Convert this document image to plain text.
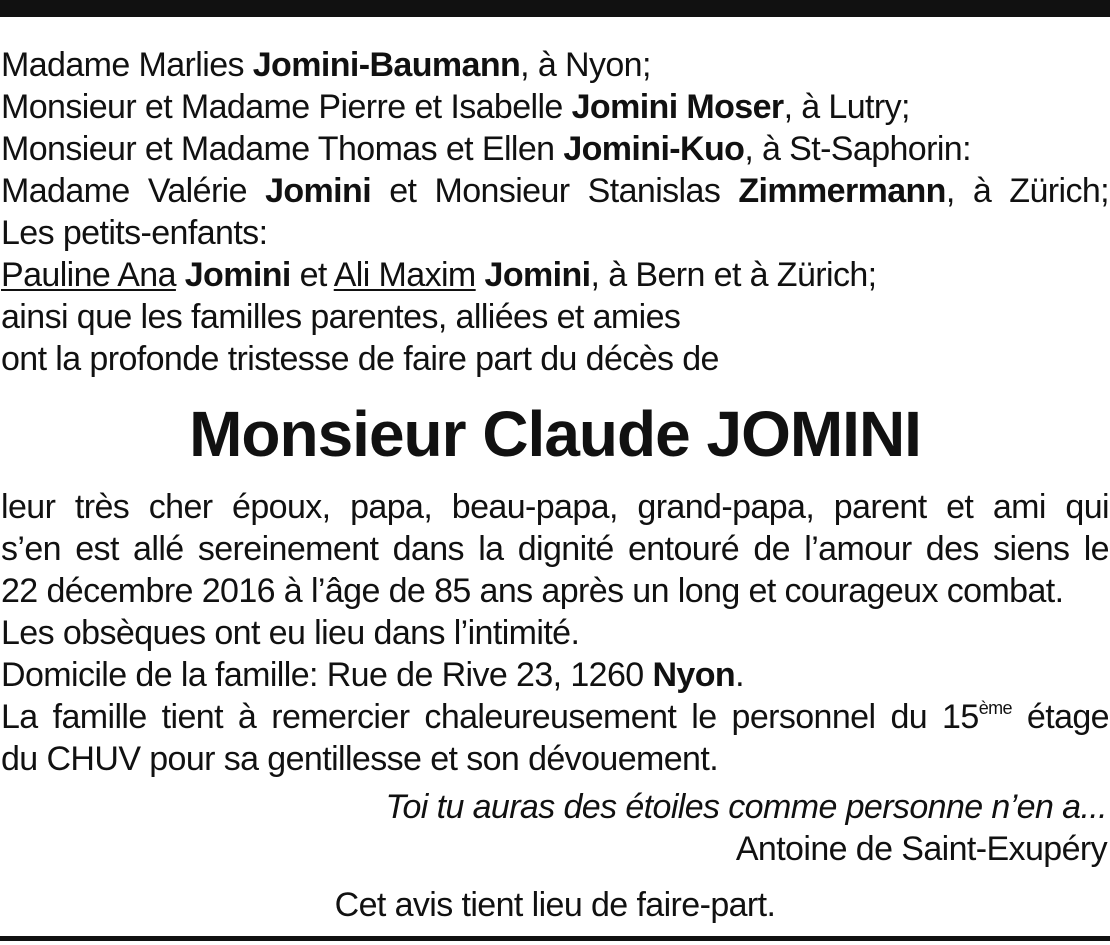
Madame Marlies Jomini-Baumann, à Nyon;
Monsieur et Madame Pierre et Isabelle Jomini Moser, à Lutry;
Monsieur et Madame Thomas et Ellen Jomini-Kuo, à St-Saphorin:
Madame Valérie Jomini et Monsieur Stanislas Zimmermann, à Zürich;
Les petits-enfants:
Pauline Ana Jomini et Ali Maxim Jomini, à Bern et à Zürich;
ainsi que les familles parentes, alliées et amies
ont la profonde tristesse de faire part du décès de
Monsieur Claude JOMINI
leur très cher époux, papa, beau-papa, grand-papa, parent et ami qui
s’en est allé sereinement dans la dignité entouré de l’amour des siens le
22 décembre 2016 à l’âge de 85 ans après un long et courageux combat.
Les obsèques ont eu lieu dans l’intimité.
Domicile de la famille: Rue de Rive 23, 1260 Nyon.
La famille tient à remercier chaleureusement le personnel du 15ème étage
du CHUV pour sa gentillesse et son dévouement.
Toi tu auras des étoiles comme personne n’en a...
Antoine de Saint-Exupéry
Cet avis tient lieu de faire-part.
